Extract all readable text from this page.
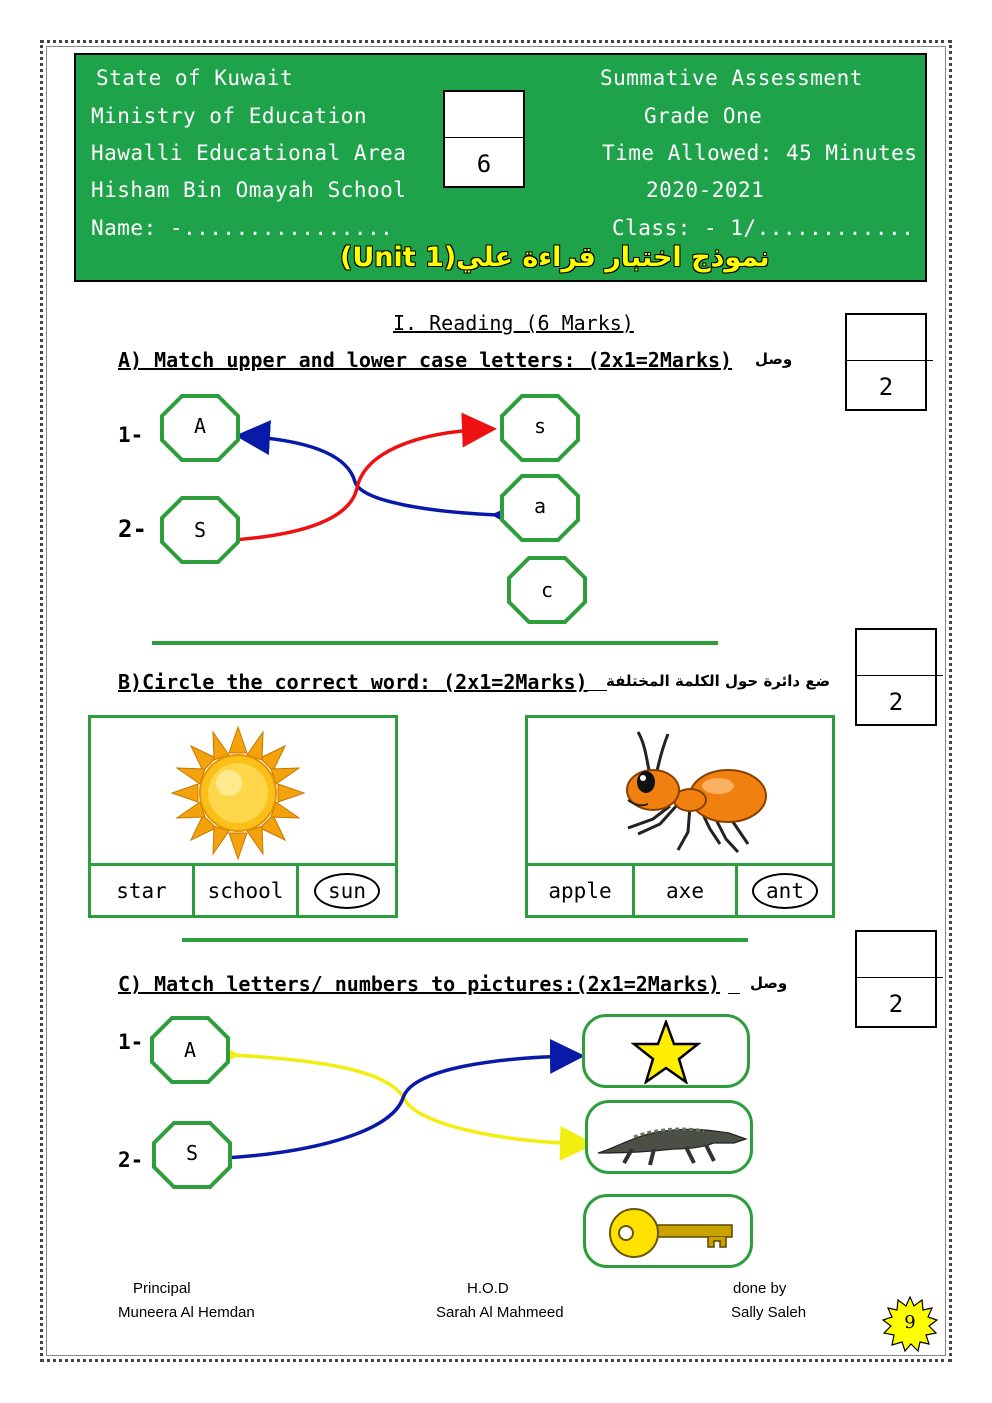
State of Kuwait
Ministry of Education
Hawalli Educational Area
Hisham Bin Omayah School
Name: -................
Summative Assessment
Grade One
Time Allowed: 45 Minutes
2020-2021
Class: - 1/............
6
نموذج اختبار قراءة علي(Unit 1)
I. Reading (6 Marks)
A) Match upper and lower case letters: (2x1=2Marks) وصل
2
1-
2-
A
S
s
a
c
B)Circle the correct word: (2x1=2Marks) ضع دائرة حول الكلمة المختلفة
2
star school	sun	apple	axe	ant
C) Match letters/ numbers to pictures:(2x1=2Marks) وصل
2
1-
2-
A
S
Principal
Muneera Al Hemdan
H.O.D
Sarah Al Mahmeed
done by
Sally Saleh	9
